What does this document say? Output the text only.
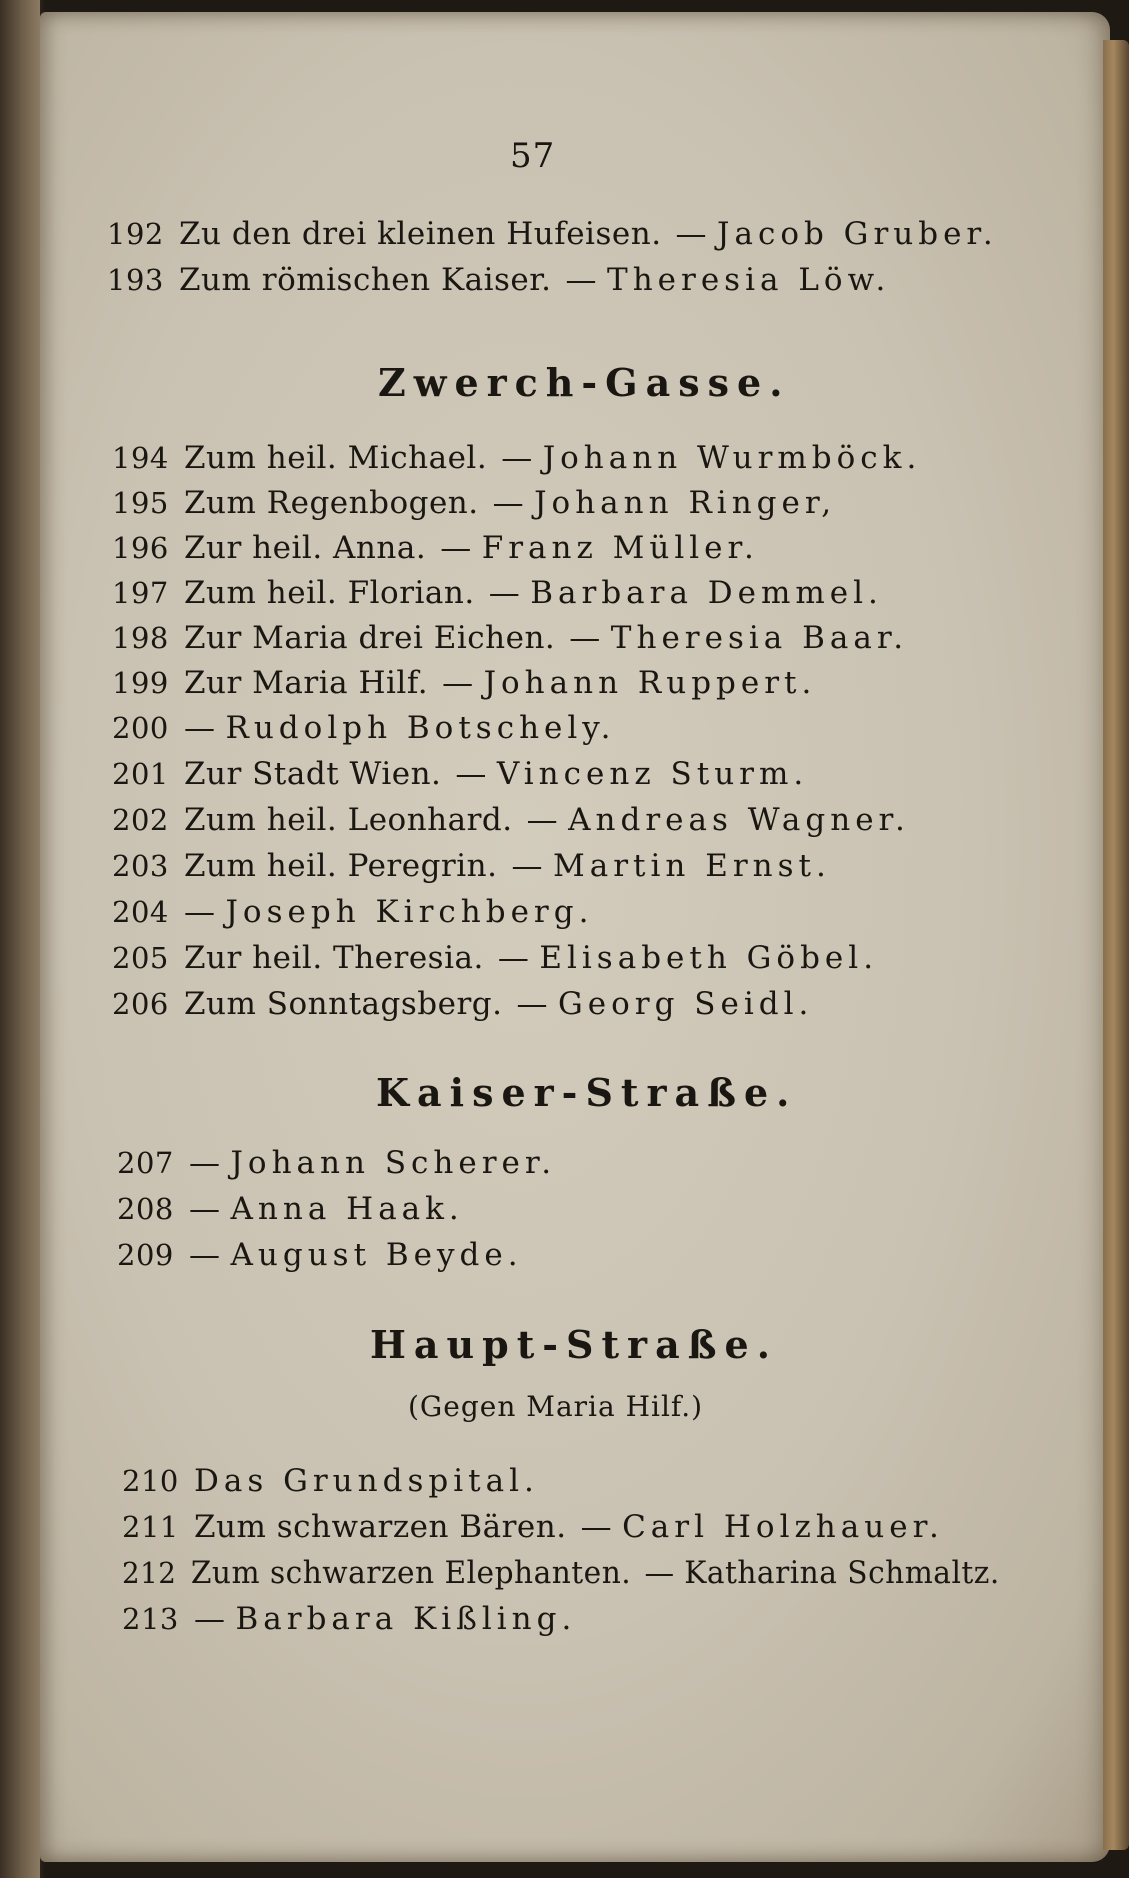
57
192 Zu den drei kleinen Hufeisen. — Jacob Gruber.
193 Zum römischen Kaiser. — Theresia Löw.
Zwerch-Gasse.
194 Zum heil. Michael. — Johann Wurmböck.
195 Zum Regenbogen. — Johann Ringer,
196 Zur heil. Anna. — Franz Müller.
197 Zum heil. Florian. — Barbara Demmel.
198 Zur Maria drei Eichen. — Theresia Baar.
199 Zur Maria Hilf. — Johann Ruppert.
200 — Rudolph Botschely.
201 Zur Stadt Wien. — Vincenz Sturm.
202 Zum heil. Leonhard. — Andreas Wagner.
203 Zum heil. Peregrin. — Martin Ernst.
204 — Joseph Kirchberg.
205 Zur heil. Theresia. — Elisabeth Göbel.
206 Zum Sonntagsberg. — Georg Seidl.
Kaiser-Straße.
207 — Johann Scherer.
208 — Anna Haak.
209 — August Beyde.
Haupt-Straße.
(Gegen Maria Hilf.)
210 Das Grundspital.
211 Zum schwarzen Bären. — Carl Holzhauer.
212 Zum schwarzen Elephanten. — Katharina Schmaltz.
213 — Barbara Kißling.
